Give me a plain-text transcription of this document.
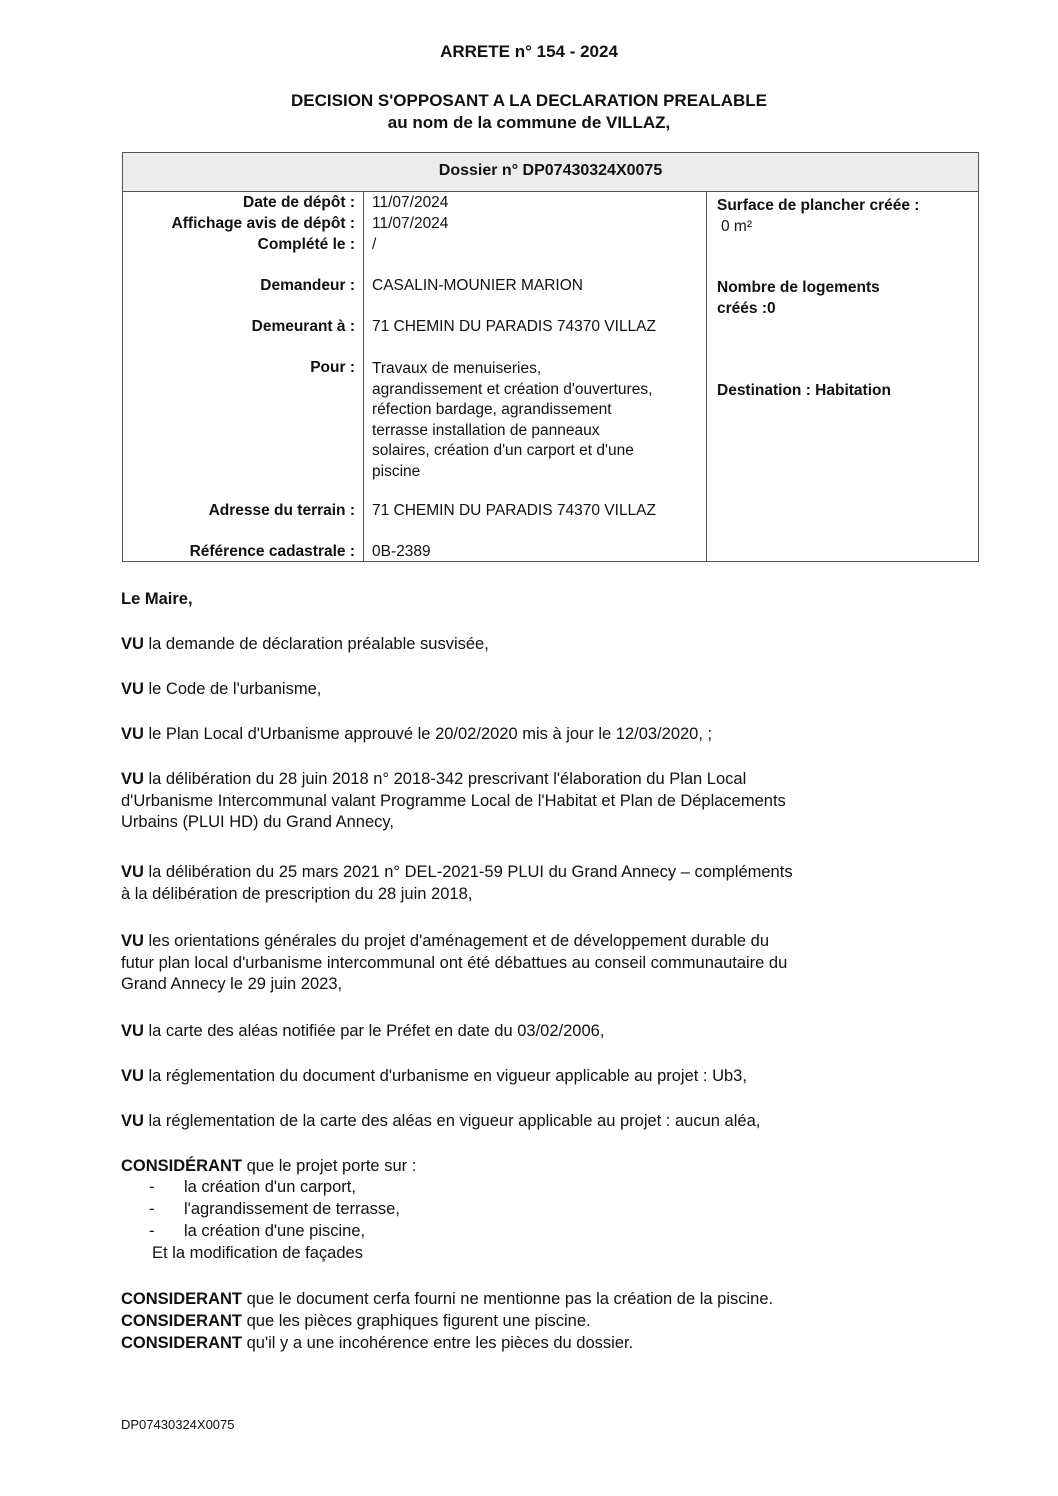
ARRETE n° 154 - 2024
DECISION S'OPPOSANT A LA DECLARATION PREALABLE
au nom de la commune de VILLAZ,
Dossier n° DP07430324X0075
Date de dépôt :
Affichage avis de dépôt :
Complété le :
Demandeur :
Demeurant à :
Pour :
Adresse du terrain :
Référence cadastrale :
11/07/2024
11/07/2024
/
CASALIN-MOUNIER MARION
71 CHEMIN DU PARADIS 74370 VILLAZ
Travaux de menuiseries,
agrandissement et création d'ouvertures,
réfection bardage, agrandissement
terrasse installation de panneaux
solaires, création d'un carport et d'une
piscine
71 CHEMIN DU PARADIS 74370 VILLAZ
0B-2389
Surface de plancher créée :
0 m²
Nombre de logements
créés :0
Destination : Habitation
Le Maire,
VU la demande de déclaration préalable susvisée,
VU le Code de l'urbanisme,
VU le Plan Local d'Urbanisme approuvé le 20/02/2020 mis à jour le 12/03/2020, ;
VU la délibération du 28 juin 2018 n° 2018-342 prescrivant l'élaboration du Plan Local
d'Urbanisme Intercommunal valant Programme Local de l'Habitat et Plan de Déplacements
Urbains (PLUI HD) du Grand Annecy,
VU la délibération du 25 mars 2021 n° DEL-2021-59 PLUI du Grand Annecy – compléments
à la délibération de prescription du 28 juin 2018,
VU les orientations générales du projet d'aménagement et de développement durable du
futur plan local d'urbanisme intercommunal ont été débattues au conseil communautaire du
Grand Annecy le 29 juin 2023,
VU la carte des aléas notifiée par le Préfet en date du 03/02/2006,
VU la réglementation du document d'urbanisme en vigueur applicable au projet : Ub3,
VU la réglementation de la carte des aléas en vigueur applicable au projet : aucun aléa,
CONSIDÉRANT que le projet porte sur :
- la création d'un carport,
- l'agrandissement de terrasse,
- la création d'une piscine,
Et la modification de façades
CONSIDERANT que le document cerfa fourni ne mentionne pas la création de la piscine.
CONSIDERANT que les pièces graphiques figurent une piscine.
CONSIDERANT qu'il y a une incohérence entre les pièces du dossier.
DP07430324X0075
